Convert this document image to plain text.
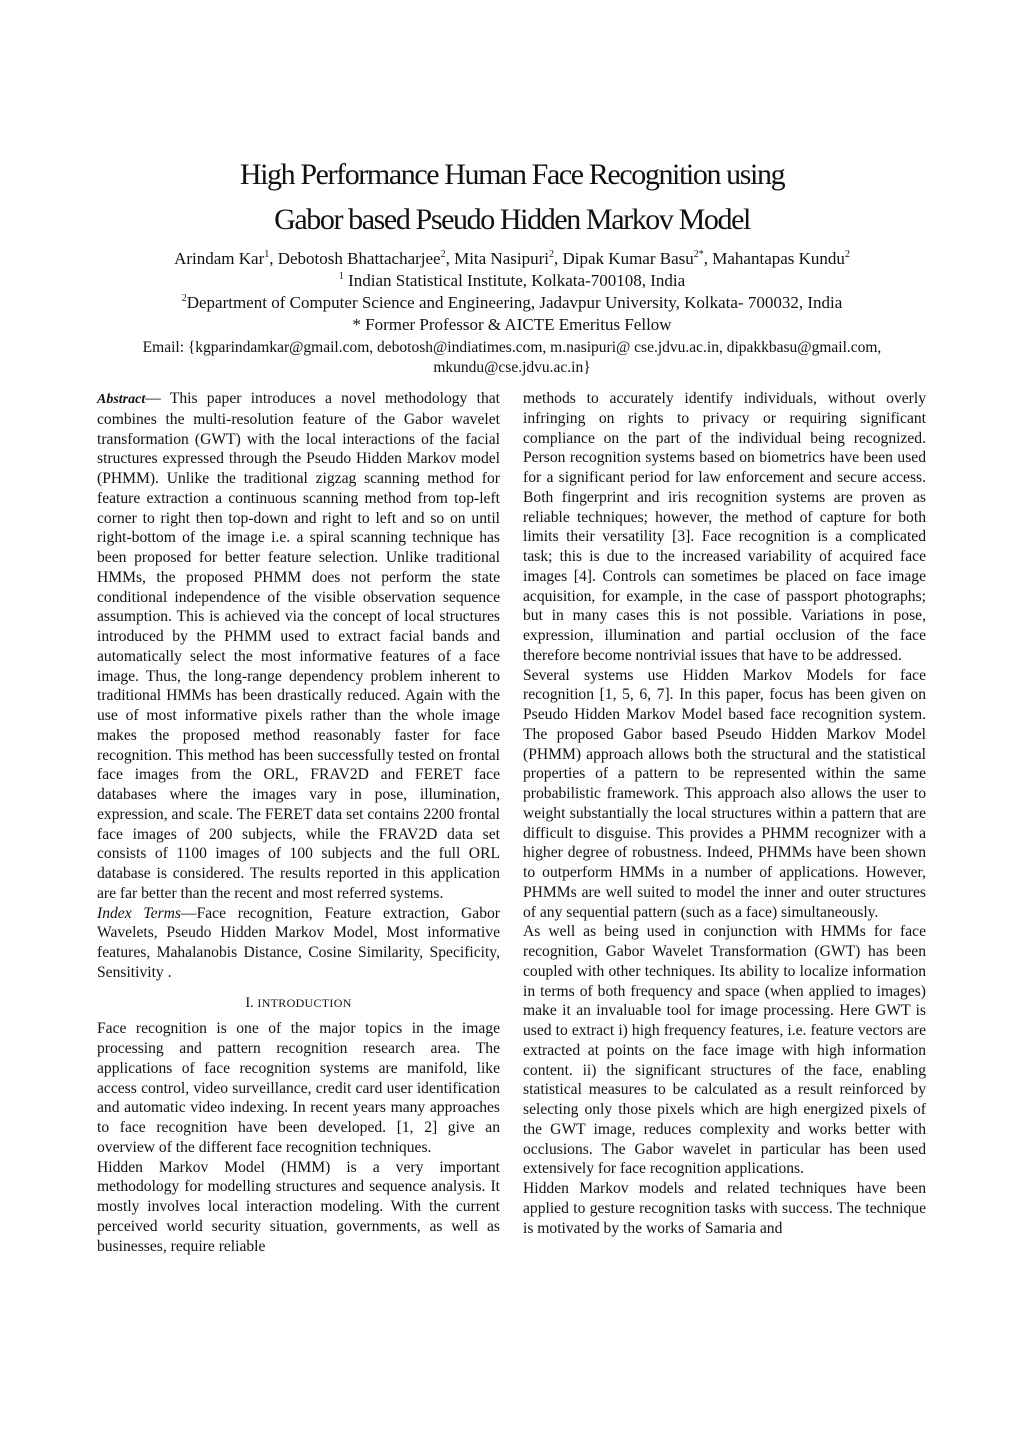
High Performance Human Face Recognition using
Gabor based Pseudo Hidden Markov Model
Arindam Kar$^1$, Debotosh Bhattacharjee$^2$, Mita Nasipuri$^2$, Dipak Kumar Basu$^{2*}$, Mahantapas Kundu$^2$
$^1$ Indian Statistical Institute, Kolkata-700108, India
$^2$Department of Computer Science and Engineering, Jadavpur University, Kolkata- 700032, India
* Former Professor & AICTE Emeritus Fellow
Email: {kgparindamkar@gmail.com, debotosh@indiatimes.com, m.nasipuri@ cse.jdvu.ac.in, dipakkbasu@gmail.com,
mkundu@cse.jdvu.ac.in}

Abstract— This paper introduces a novel methodology that combines the multi-resolution feature of the Gabor wavelet transformation (GWT) with the local interactions of the facial structures expressed through the Pseudo Hidden Markov model (PHMM). Unlike the traditional zigzag scanning method for feature extraction a continuous scanning method from top-left corner to right then top-down and right to left and so on until right-bottom of the image i.e. a spiral scanning technique has been proposed for better feature selection. Unlike traditional HMMs, the proposed PHMM does not perform the state conditional independence of the visible observation sequence assumption. This is achieved via the concept of local structures introduced by the PHMM used to extract facial bands and automatically select the most informative features of a face image. Thus, the long-range dependency problem inherent to traditional HMMs has been drastically reduced. Again with the use of most informative pixels rather than the whole image makes the proposed method reasonably faster for face recognition. This method has been successfully tested on frontal face images from the ORL, FRAV2D and FERET face databases where the images vary in pose, illumination, expression, and scale. The FERET data set contains 2200 frontal face images of 200 subjects, while the FRAV2D data set consists of 1100 images of 100 subjects and the full ORL database is considered. The results reported in this application are far better than the recent and most referred systems.

Index Terms—Face recognition, Feature extraction, Gabor Wavelets, Pseudo Hidden Markov Model, Most informative features, Mahalanobis Distance, Cosine Similarity, Specificity, Sensitivity .

I. INTRODUCTION

Face recognition is one of the major topics in the image processing and pattern recognition research area. The applications of face recognition systems are manifold, like access control, video surveillance, credit card user identification and automatic video indexing. In recent years many approaches to face recognition have been developed. [1, 2] give an overview of the different face recognition techniques.

Hidden Markov Model (HMM) is a very important methodology for modelling structures and sequence analysis. It mostly involves local interaction modeling. With the current perceived world security situation, governments, as well as businesses, require reliable

methods to accurately identify individuals, without overly infringing on rights to privacy or requiring significant compliance on the part of the individual being recognized. Person recognition systems based on biometrics have been used for a significant period for law enforcement and secure access. Both fingerprint and iris recognition systems are proven as reliable techniques; however, the method of capture for both limits their versatility [3]. Face recognition is a complicated task; this is due to the increased variability of acquired face images [4]. Controls can sometimes be placed on face image acquisition, for example, in the case of passport photographs; but in many cases this is not possible. Variations in pose, expression, illumination and partial occlusion of the face therefore become nontrivial issues that have to be addressed.

Several systems use Hidden Markov Models for face recognition [1, 5, 6, 7]. In this paper, focus has been given on Pseudo Hidden Markov Model based face recognition system. The proposed Gabor based Pseudo Hidden Markov Model (PHMM) approach allows both the structural and the statistical properties of a pattern to be represented within the same probabilistic framework. This approach also allows the user to weight substantially the local structures within a pattern that are difficult to disguise. This provides a PHMM recognizer with a higher degree of robustness. Indeed, PHMMs have been shown to outperform HMMs in a number of applications. However, PHMMs are well suited to model the inner and outer structures of any sequential pattern (such as a face) simultaneously.

As well as being used in conjunction with HMMs for face recognition, Gabor Wavelet Transformation (GWT) has been coupled with other techniques. Its ability to localize information in terms of both frequency and space (when applied to images) make it an invaluable tool for image processing. Here GWT is used to extract i) high frequency features, i.e. feature vectors are extracted at points on the face image with high information content. ii) the significant structures of the face, enabling statistical measures to be calculated as a result reinforced by selecting only those pixels which are high energized pixels of the GWT image, reduces complexity and works better with occlusions. The Gabor wavelet in particular has been used extensively for face recognition applications.

Hidden Markov models and related techniques have been applied to gesture recognition tasks with success. The technique is motivated by the works of Samaria and
